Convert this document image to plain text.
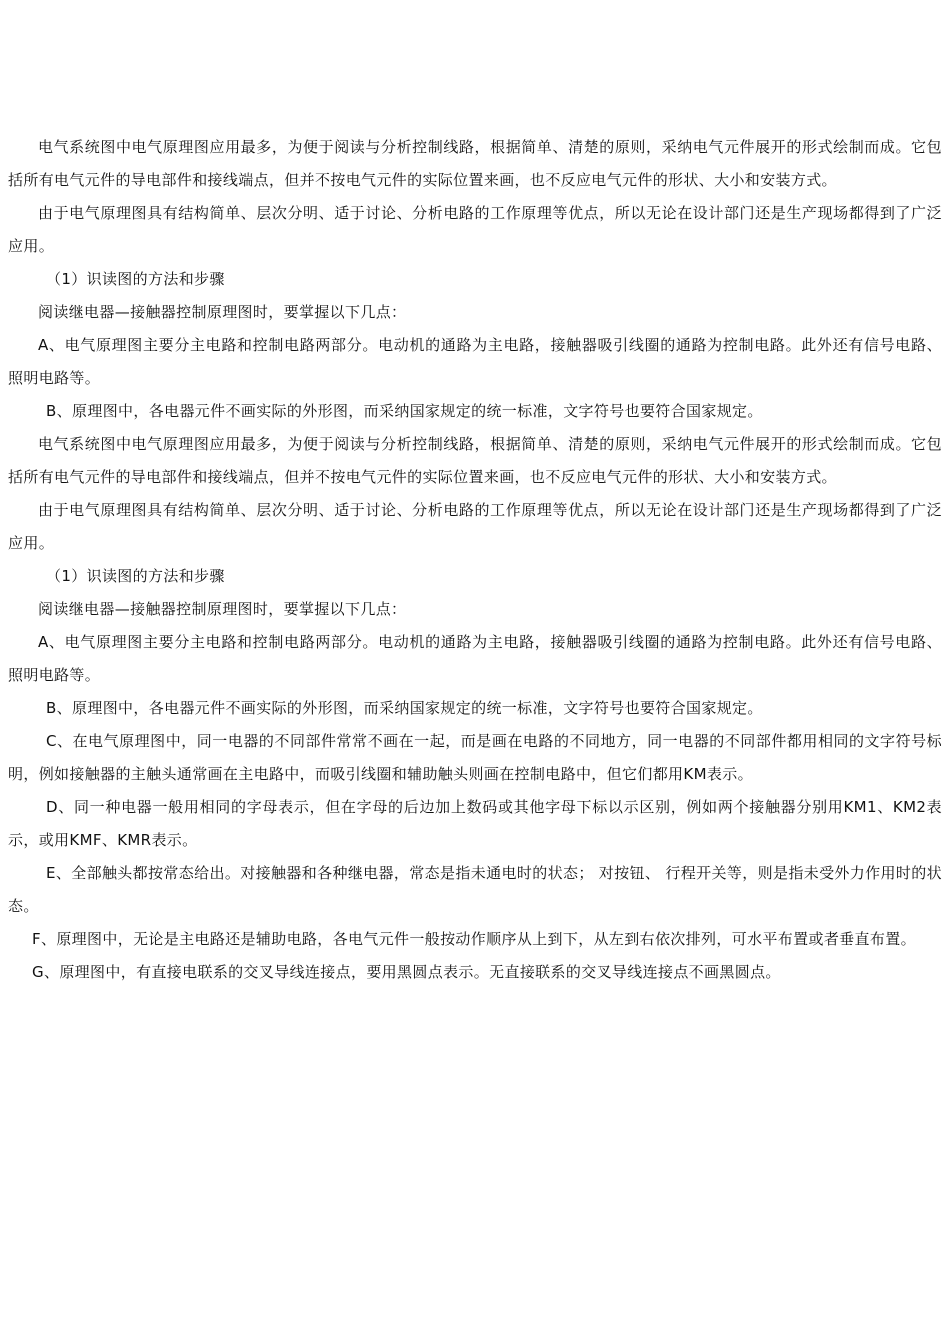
电气系统图中电气原理图应用最多，为便于阅读与分析控制线路，根据简单、清楚的原则，采纳电气元件展开的形式绘制而成。它包括所有电气元件的导电部件和接线端点，但并不按电气元件的实际位置来画，也不反应电气元件的形状、大小和安装方式。

由于电气原理图具有结构简单、层次分明、适于讨论、分析电路的工作原理等优点，所以无论在设计部门还是生产现场都得到了广泛应用。

（1）识读图的方法和步骤

阅读继电器—接触器控制原理图时，要掌握以下几点：

A、电气原理图主要分主电路和控制电路两部分。电动机的通路为主电路，接触器吸引线圈的通路为控制电路。此外还有信号电路、 照明电路等。

B、原理图中，各电器元件不画实际的外形图，而采纳国家规定的统一标准，文字符号也要符合国家规定。

电气系统图中电气原理图应用最多，为便于阅读与分析控制线路，根据简单、清楚的原则，采纳电气元件展开的形式绘制而成。它包括所有电气元件的导电部件和接线端点，但并不按电气元件的实际位置来画，也不反应电气元件的形状、大小和安装方式。

由于电气原理图具有结构简单、层次分明、适于讨论、分析电路的工作原理等优点，所以无论在设计部门还是生产现场都得到了广泛应用。

（1）识读图的方法和步骤

阅读继电器—接触器控制原理图时，要掌握以下几点：

A、电气原理图主要分主电路和控制电路两部分。电动机的通路为主电路，接触器吸引线圈的通路为控制电路。此外还有信号电路、 照明电路等。

B、原理图中，各电器元件不画实际的外形图，而采纳国家规定的统一标准，文字符号也要符合国家规定。

C、在电气原理图中，同一电器的不同部件常常不画在一起，而是画在电路的不同地方，同一电器的不同部件都用相同的文字符号标明，例如接触器的主触头通常画在主电路中，而吸引线圈和辅助触头则画在控制电路中，但它们都用KM表示。

D、同一种电器一般用相同的字母表示，但在字母的后边加上数码或其他字母下标以示区别，例如两个接触器分别用KM1、KM2表示，或用KMF、KMR表示。

E、全部触头都按常态给出。对接触器和各种继电器，常态是指未通电时的状态； 对按钮、 行程开关等，则是指未受外力作用时的状态。

F、原理图中，无论是主电路还是辅助电路，各电气元件一般按动作顺序从上到下，从左到右依次排列，可水平布置或者垂直布置。

G、原理图中，有直接电联系的交叉导线连接点，要用黑圆点表示。无直接联系的交叉导线连接点不画黑圆点。
